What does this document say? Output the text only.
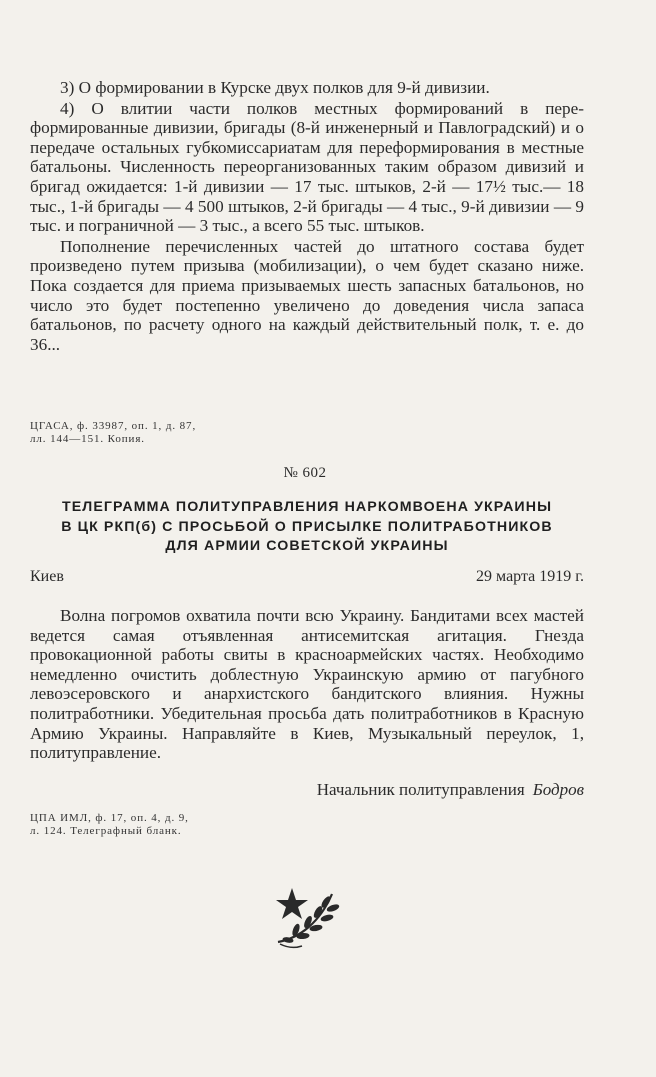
3) О формировании в Курске двух полков для 9-й дивизии.

4) О влитии части полков местных формирований в переформированные дивизии, бригады (8-й инженерный и Павлоградский) и о передаче остальных губкомиссариатам для переформирования в местные батальоны. Численность переорганизованных таким образом дивизий и бригад ожидается: 1-й дивизии — 17 тыс. штыков, 2-й — 17½ тыс.— 18 тыс., 1-й бригады — 4 500 штыков, 2-й бригады — 4 тыс., 9-й дивизии — 9 тыс. и пограничной — 3 тыс., а всего 55 тыс. штыков.

Пополнение перечисленных частей до штатного состава будет произведено путем призыва (мобилизации), о чем будет сказано ниже. Пока создается для приема призываемых шесть запасных батальонов, но число это будет постепенно увеличено до доведения числа запаса батальонов, по расчету одного на каждый действительный полк, т. е. до 36...

ЦГАСА, ф. 33987, оп. 1, д. 87,

лл. 144—151. Копия.

№ 602
ТЕЛЕГРАММА ПОЛИТУПРАВЛЕНИЯ НАРКОМВОЕНА УКРАИНЫ
В ЦК РКП(б) С ПРОСЬБОЙ О ПРИСЫЛКЕ ПОЛИТРАБОТНИКОВ
ДЛЯ АРМИИ СОВЕТСКОЙ УКРАИНЫ
Киев	29 марта 1919 г.

Волна погромов охватила почти всю Украину. Бандитами всех мастей ведется самая отъявленная антисемитская агитация. Гнезда провокационной работы свиты в красноармейских частях. Необходимо немедленно очистить доблестную Украинскую армию от пагубного левоэсеровского и анархистского бандитского влияния. Нужны политработники. Убедительная просьба дать политработников в Красную Армию Украины. Направляйте в Киев, Музыкальный переулок, 1, политуправление.

Начальник политуправления Бодров

ЦПА ИМЛ, ф. 17, оп. 4, д. 9,

л. 124. Телеграфный бланк.
